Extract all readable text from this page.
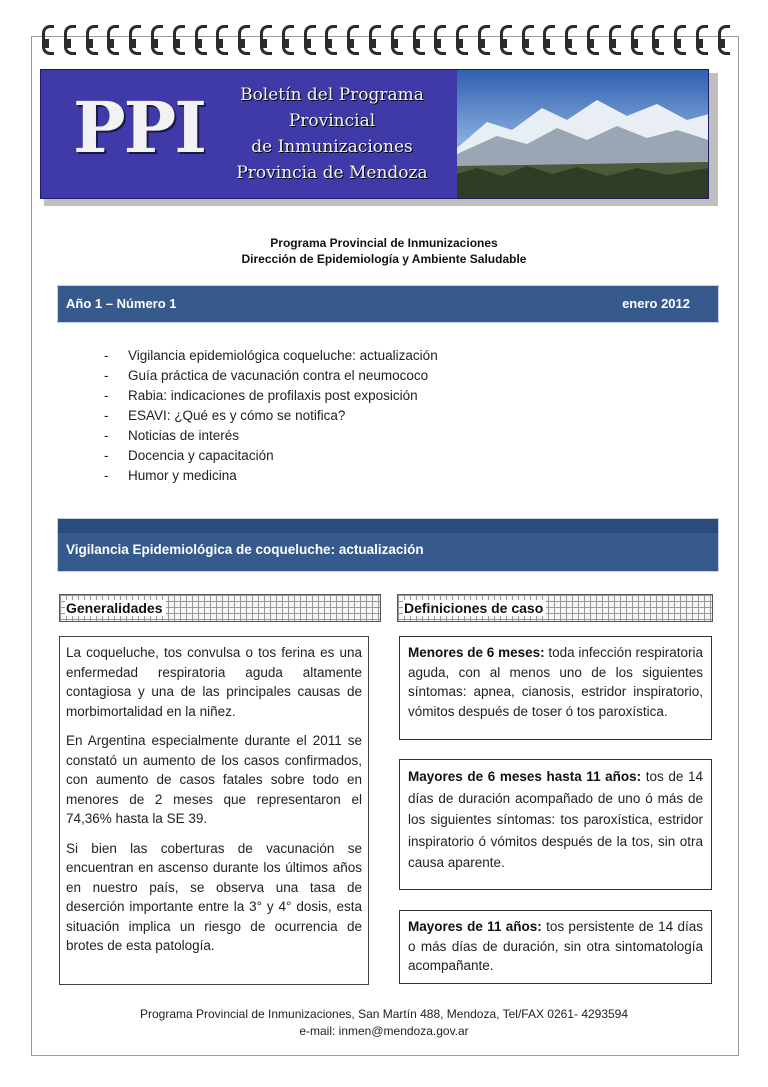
PPI	Boletín del Programa Provincial
de Inmunizaciones
Provincia de Mendoza
Programa Provincial de Inmunizaciones
Dirección de Epidemiología y Ambiente Saludable
Año 1 – Número 1	enero 2012
- Vigilancia epidemiológica coqueluche: actualización
- Guía práctica de vacunación contra el neumococo
- Rabia: indicaciones de profilaxis post exposición
- ESAVI: ¿Qué es y cómo se notifica?
- Noticias de interés
- Docencia y capacitación
- Humor y medicina
Vigilancia Epidemiológica de coqueluche: actualización
Generalidades	Definiciones de caso

La coqueluche, tos convulsa o tos ferina es una enfermedad respiratoria aguda altamente contagiosa y una de las principales causas de morbimortalidad en la niñez.

En Argentina especialmente durante el 2011 se constató un aumento de los casos confirmados, con aumento de casos fatales sobre todo en menores de 2 meses que representaron el 74,36% hasta la SE 39.

Si bien las coberturas de vacunación se encuentran en ascenso durante los últimos años en nuestro país, se observa una tasa de deserción importante entre la 3° y 4° dosis, esta situación implica un riesgo de ocurrencia de brotes de esta patología.

Menores de 6 meses: toda infección respiratoria aguda, con al menos uno de los siguientes síntomas: apnea, cianosis, estridor inspiratorio, vómitos después de toser ó tos paroxística.
Mayores de 6 meses hasta 11 años: tos de 14 días de duración acompañado de uno ó más de los siguientes síntomas: tos paroxística, estridor inspiratorio ó vómitos después de la tos, sin otra causa aparente.
Mayores de 11 años: tos persistente de 14 días o más días de duración, sin otra sintomatología acompañante.
Programa Provincial de Inmunizaciones, San Martín 488, Mendoza, Tel/FAX 0261- 4293594
e-mail: inmen@mendoza.gov.ar
